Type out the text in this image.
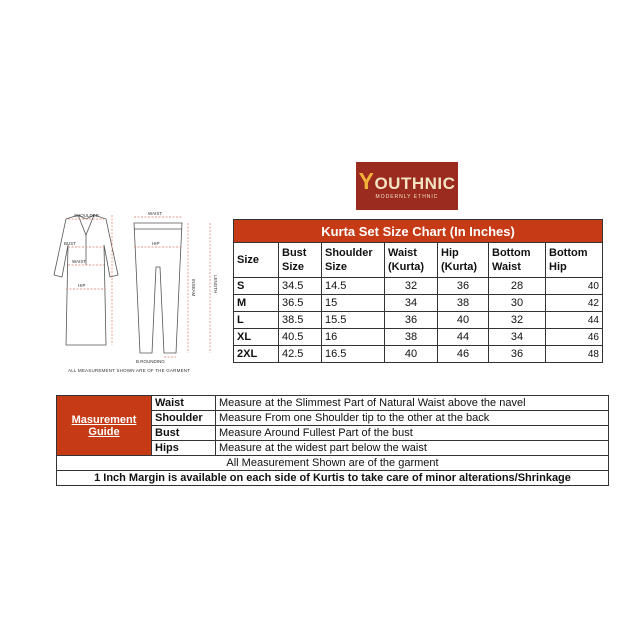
YOUTHNIC
MODERNLY ETHNIC
SHOULDER
BUST
WAIST
HIP
WAIST
HIP
B.ROUNDING
LENGTH
INSEAM
ALL MEASUREMENT SHOWN ARE OF THE GARMENT
Kurta Set Size Chart (In Inches)						
Size	Bust Size	Shoulder Size	Waist (Kurta)	Hip (Kurta)	Bottom Waist	Bottom Hip
S	34.5	14.5	32	36	28	40
M	36.5	15	34	38	30	42
L	38.5	15.5	36	40	32	44
XL	40.5	16	38	44	34	46
2XL	42.5	16.5	40	46	36	48
Masurement Guide	Waist	Measure at the Slimmest Part of Natural Waist above the navel
	Shoulder	Measure From one Shoulder tip to the other at the back
	Bust	Measure Around Fullest Part of the bust
	Hips	Measure at the widest part below the waist
All Measurement Shown are of the garment		
1 Inch Margin is available on each side of Kurtis to take care of minor alterations/Shrinkage		
